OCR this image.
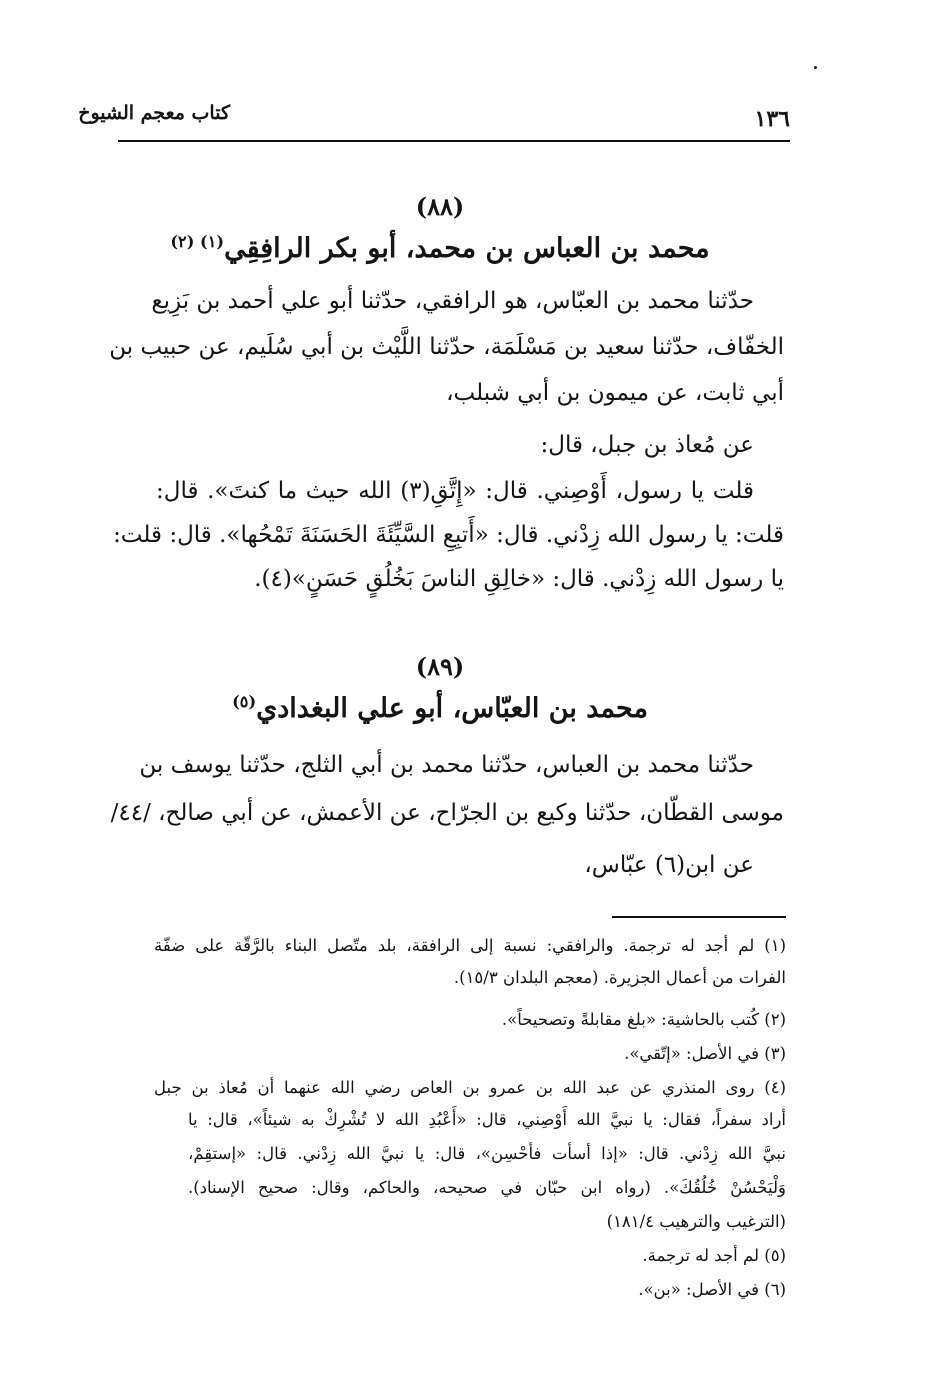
١٣٦
كتاب معجم الشيوخ
(٨٨)
محمد بن العباس بن محمد، أبو بكر الرافِقِي$^{(١) (٢)}$
حدّثنا محمد بن العبّاس، هو الرافقي، حدّثنا أبو علي أحمد بن بَزِيع
الخفّاف، حدّثنا سعيد بن مَسْلَمَة، حدّثنا اللَّيْث بن أبي سُلَيم، عن حبيب بن
أبي ثابت، عن ميمون بن أبي شبلب،
عن مُعاذ بن جبل، قال:
قلت يا رسول، أَوْصِني. قال: «إِتَّقِ(٣) الله حيث ما كنتَ». قال:
قلت: يا رسول الله زِدْني. قال: «أَتبِعِ السَّيِّئَةَ الحَسَنَةَ تَمْحُها». قال: قلت:
يا رسول الله زِدْني. قال: «خالِقِ الناسَ بَخُلُقٍ حَسَنٍ»(٤).
(٨٩)
محمد بن العبّاس، أبو علي البغدادي$^{(٥)}$
حدّثنا محمد بن العباس، حدّثنا محمد بن أبي الثلج، حدّثنا يوسف بن
موسى القطّان، حدّثنا وكيع بن الجرّاح، عن الأعمش، عن أبي صالح، /٤٤/
عن ابن(٦) عبّاس،
(١) لم أجد له ترجمة. والرافقي: نسبة إلى الرافقة، بلد متّصل البناء بالرَّقّة على ضفّة
الفرات من أعمال الجزيرة. (معجم البلدان ١٥/٣).
(٢) كُتب بالحاشية: «بلغ مقابلةً وتصحيحاً».
(٣) في الأصل: «إتّقي».
(٤) روى المنذري عن عبد الله بن عمرو بن العاص رضي الله عنهما أن مُعاذ بن جبل
أراد سفراً، فقال: يا نبيَّ الله أَوْصِني، قال: «أَعْبُدِ الله لا تُشْرِكْ به شيئاً»، قال: يا
نبيَّ الله زِدْني. قال: «إذا أسأت فأحْسِن»، قال: يا نبيَّ الله زِدْني. قال: «إستقِمْ،
وَلْيَحْسُنْ خُلُقُكَ». (رواه ابن حبّان في صحيحه، والحاكم، وقال: صحيح الإسناد).
(الترغيب والترهيب ١٨١/٤)
(٥) لم أجد له ترجمة.
(٦) في الأصل: «بن».
